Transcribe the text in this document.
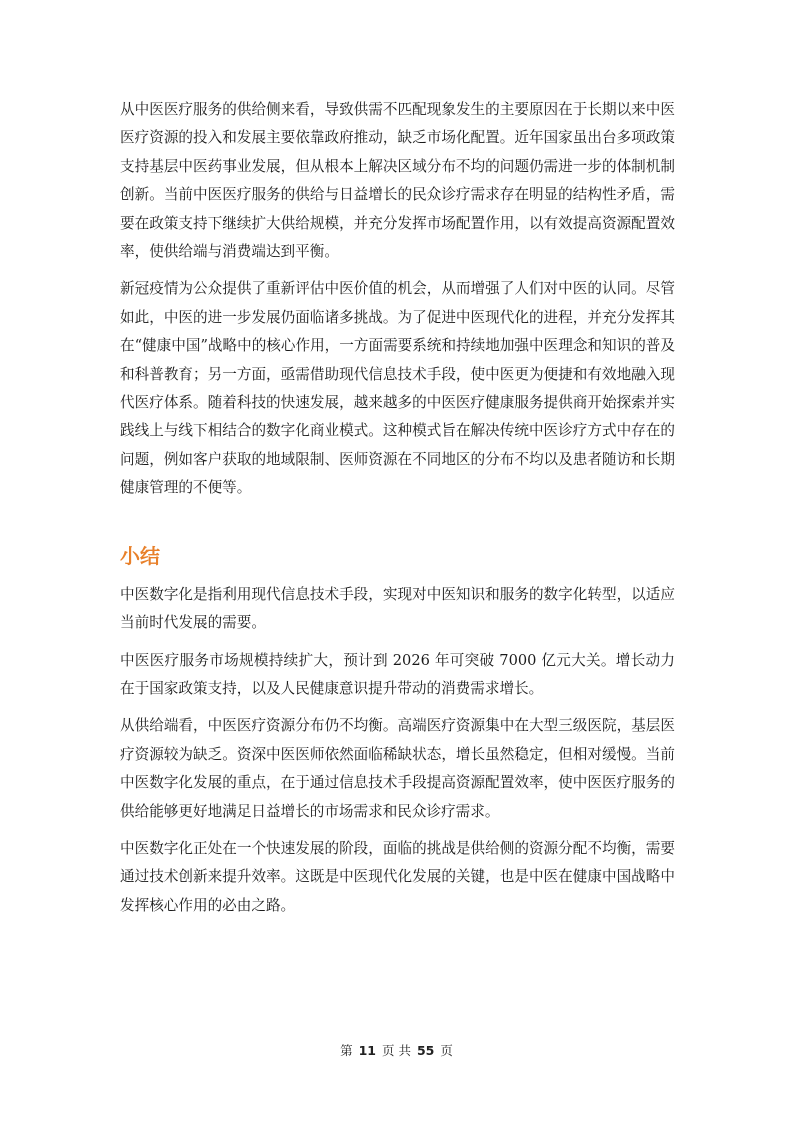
从中医医疗服务的供给侧来看，导致供需不匹配现象发生的主要原因在于长期以来中医医疗资源的投入和发展主要依靠政府推动，缺乏市场化配置。近年国家虽出台多项政策支持基层中医药事业发展，但从根本上解决区域分布不均的问题仍需进一步的体制机制创新。当前中医医疗服务的供给与日益增长的民众诊疗需求存在明显的结构性矛盾，需要在政策支持下继续扩大供给规模，并充分发挥市场配置作用，以有效提高资源配置效率，使供给端与消费端达到平衡。

新冠疫情为公众提供了重新评估中医价值的机会，从而增强了人们对中医的认同。尽管如此，中医的进一步发展仍面临诸多挑战。为了促进中医现代化的进程，并充分发挥其在“健康中国”战略中的核心作用，一方面需要系统和持续地加强中医理念和知识的普及和科普教育；另一方面，亟需借助现代信息技术手段，使中医更为便捷和有效地融入现代医疗体系。随着科技的快速发展，越来越多的中医医疗健康服务提供商开始探索并实践线上与线下相结合的数字化商业模式。这种模式旨在解决传统中医诊疗方式中存在的问题，例如客户获取的地域限制、医师资源在不同地区的分布不均以及患者随访和长期健康管理的不便等。

小结

中医数字化是指利用现代信息技术手段，实现对中医知识和服务的数字化转型，以适应当前时代发展的需要。

中医医疗服务市场规模持续扩大，预计到 2026 年可突破 7000 亿元大关。增长动力在于国家政策支持，以及人民健康意识提升带动的消费需求增长。

从供给端看，中医医疗资源分布仍不均衡。高端医疗资源集中在大型三级医院，基层医疗资源较为缺乏。资深中医医师依然面临稀缺状态，增长虽然稳定，但相对缓慢。当前中医数字化发展的重点，在于通过信息技术手段提高资源配置效率，使中医医疗服务的供给能够更好地满足日益增长的市场需求和民众诊疗需求。

中医数字化正处在一个快速发展的阶段，面临的挑战是供给侧的资源分配不均衡，需要通过技术创新来提升效率。这既是中医现代化发展的关键，也是中医在健康中国战略中发挥核心作用的必由之路。

第 11 页 共 55 页
